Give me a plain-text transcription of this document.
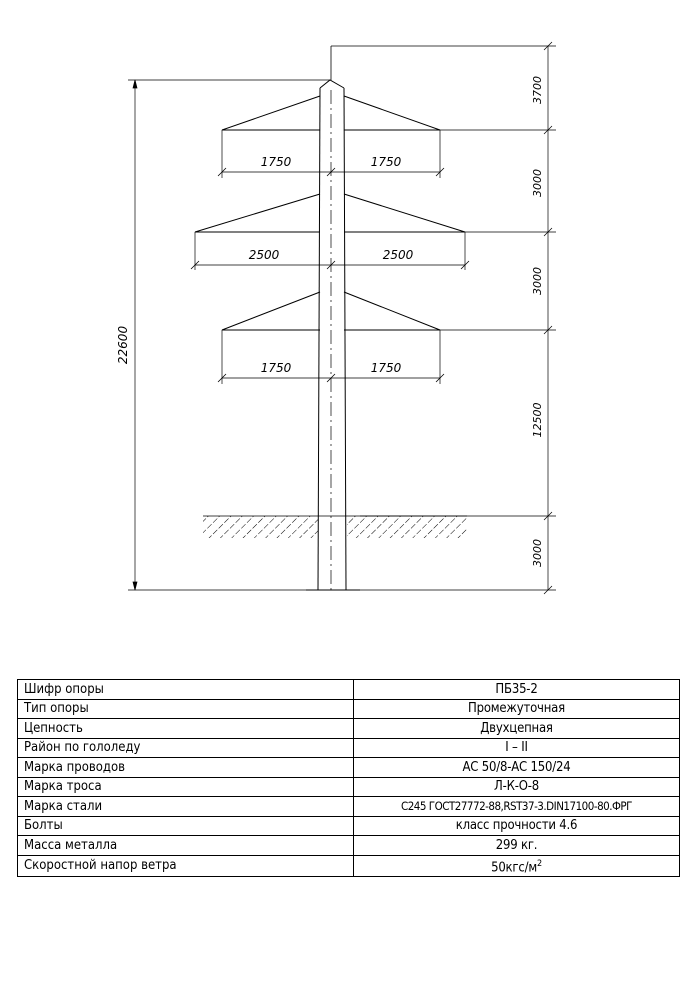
22600
3700
3000
3000
12500
3000
1750	1750
2500	2500
1750	1750
Шифр опоры	ПБ35-2
Тип опоры	Промежуточная
Цепность	Двухцепная
Район по гололеду	I – II
Марка проводов	АС 50/8-АС 150/24
Марка троса	Л-К-О-8
Марка стали	С245 ГОСТ27772-88,RST37-3.DIN17100-80.ФРГ
Болты	класс прочности 4.6
Масса металла	299 кг.
Скоростной напор ветра	$50кгс/м^2$
